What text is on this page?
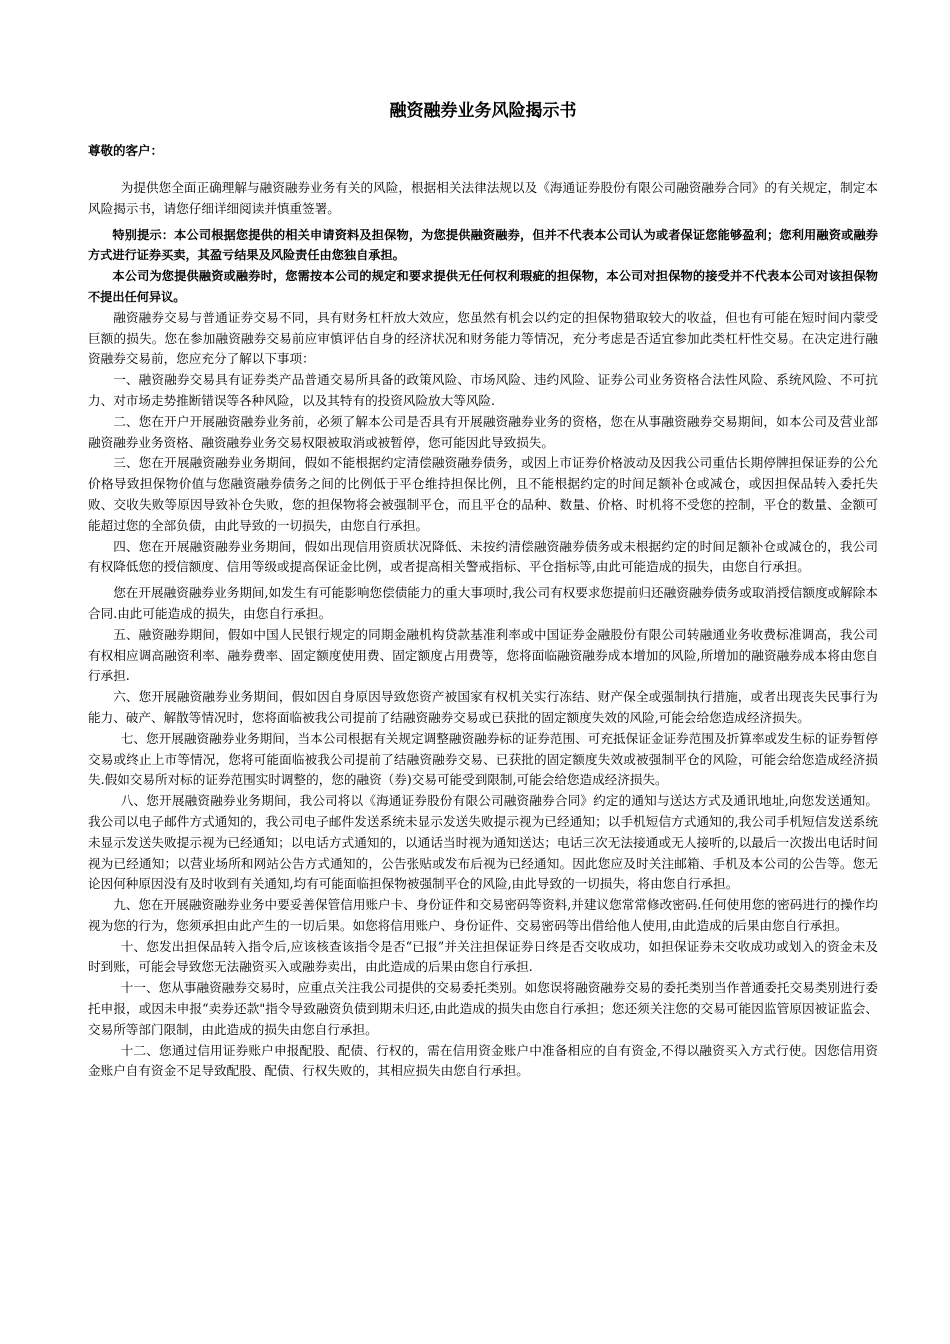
融资融券业务风险揭示书

尊敬的客户：

为提供您全面正确理解与融资融券业务有关的风险，根据相关法律法规以及《海通证券股份有限公司融资融券合同》的有关规定，制定本风险揭示书，请您仔细详细阅读并慎重签署。

特别提示：本公司根据您提供的相关申请资料及担保物，为您提供融资融券，但并不代表本公司认为或者保证您能够盈利；您利用融资或融券方式进行证券买卖，其盈亏结果及风险责任由您独自承担。

本公司为您提供融资或融券时，您需按本公司的规定和要求提供无任何权利瑕疵的担保物，本公司对担保物的接受并不代表本公司对该担保物不提出任何异议。

融资融券交易与普通证券交易不同，具有财务杠杆放大效应，您虽然有机会以约定的担保物猎取较大的收益，但也有可能在短时间内蒙受巨额的损失。您在参加融资融券交易前应审慎评估自身的经济状况和财务能力等情况，充分考虑是否适宜参加此类杠杆性交易。在决定进行融资融券交易前，您应充分了解以下事项：

一、融资融券交易具有证券类产品普通交易所具备的政策风险、市场风险、违约风险、证券公司业务资格合法性风险、系统风险、不可抗力、对市场走势推断错误等各种风险，以及其特有的投资风险放大等风险.

二、您在开户开展融资融券业务前，必须了解本公司是否具有开展融资融券业务的资格，您在从事融资融券交易期间，如本公司及营业部融资融券业务资格、融资融券业务交易权限被取消或被暂停，您可能因此导致损失。

三、您在开展融资融券业务期间，假如不能根据约定清偿融资融券债务，或因上市证券价格波动及因我公司重估长期停牌担保证券的公允价格导致担保物价值与您融资融券债务之间的比例低于平仓维持担保比例，且不能根据约定的时间足额补仓或减仓，或因担保品转入委托失败、交收失败等原因导致补仓失败，您的担保物将会被强制平仓，而且平仓的品种、数量、价格、时机将不受您的控制，平仓的数量、金额可能超过您的全部负债，由此导致的一切损失，由您自行承担。

四、您在开展融资融券业务期间，假如出现信用资质状况降低、未按约清偿融资融券债务或未根据约定的时间足额补仓或减仓的，我公司有权降低您的授信额度、信用等级或提高保证金比例，或者提高相关警戒指标、平仓指标等,由此可能造成的损失，由您自行承担。

您在开展融资融券业务期间,如发生有可能影响您偿债能力的重大事项时,我公司有权要求您提前归还融资融券债务或取消授信额度或解除本合同.由此可能造成的损失，由您自行承担。

五、融资融券期间，假如中国人民银行规定的同期金融机构贷款基准利率或中国证券金融股份有限公司转融通业务收费标准调高，我公司有权相应调高融资利率、融券费率、固定额度使用费、固定额度占用费等，您将面临融资融券成本增加的风险,所增加的融资融券成本将由您自行承担.

六、您开展融资融券业务期间，假如因自身原因导致您资产被国家有权机关实行冻结、财产保全或强制执行措施，或者出现丧失民事行为能力、破产、解散等情况时，您将面临被我公司提前了结融资融券交易或已获批的固定额度失效的风险,可能会给您造成经济损失。

七、您开展融资融券业务期间，当本公司根据有关规定调整融资融券标的证券范围、可充抵保证金证券范围及折算率或发生标的证券暂停交易或终止上市等情况，您将可能面临被我公司提前了结融资融券交易、已获批的固定额度失效或被强制平仓的风险，可能会给您造成经济损失.假如交易所对标的证券范围实时调整的，您的融资（券)交易可能受到限制,可能会给您造成经济损失。

八、您开展融资融券业务期间，我公司将以《海通证券股份有限公司融资融券合同》约定的通知与送达方式及通讯地址,向您发送通知。我公司以电子邮件方式通知的，我公司电子邮件发送系统未显示发送失败提示视为已经通知；以手机短信方式通知的,我公司手机短信发送系统未显示发送失败提示视为已经通知；以电话方式通知的，以通话当时视为通知送达；电话三次无法接通或无人接听的,以最后一次拨出电话时间视为已经通知；以营业场所和网站公告方式通知的，公告张贴或发布后视为已经通知。因此您应及时关注邮箱、手机及本公司的公告等。您无论因何种原因没有及时收到有关通知,均有可能面临担保物被强制平仓的风险,由此导致的一切损失，将由您自行承担。

九、您在开展融资融券业务中要妥善保管信用账户卡、身份证件和交易密码等资料,并建议您常常修改密码.任何使用您的密码进行的操作均视为您的行为，您须承担由此产生的一切后果。如您将信用账户、身份证件、交易密码等出借给他人使用,由此造成的后果由您自行承担。

十、您发出担保品转入指令后,应该核查该指令是否“已报”并关注担保证券日终是否交收成功，如担保证券未交收成功或划入的资金未及时到账，可能会导致您无法融资买入或融券卖出，由此造成的后果由您自行承担.

十一、您从事融资融券交易时，应重点关注我公司提供的交易委托类别。如您误将融资融券交易的委托类别当作普通委托交易类别进行委托申报，或因未申报“卖券还款"指令导致融资负债到期未归还,由此造成的损失由您自行承担；您还须关注您的交易可能因监管原因被证监会、交易所等部门限制，由此造成的损失由您自行承担。

十二、您通过信用证券账户申报配股、配债、行权的，需在信用资金账户中准备相应的自有资金,不得以融资买入方式行使。因您信用资金账户自有资金不足导致配股、配债、行权失败的，其相应损失由您自行承担。
